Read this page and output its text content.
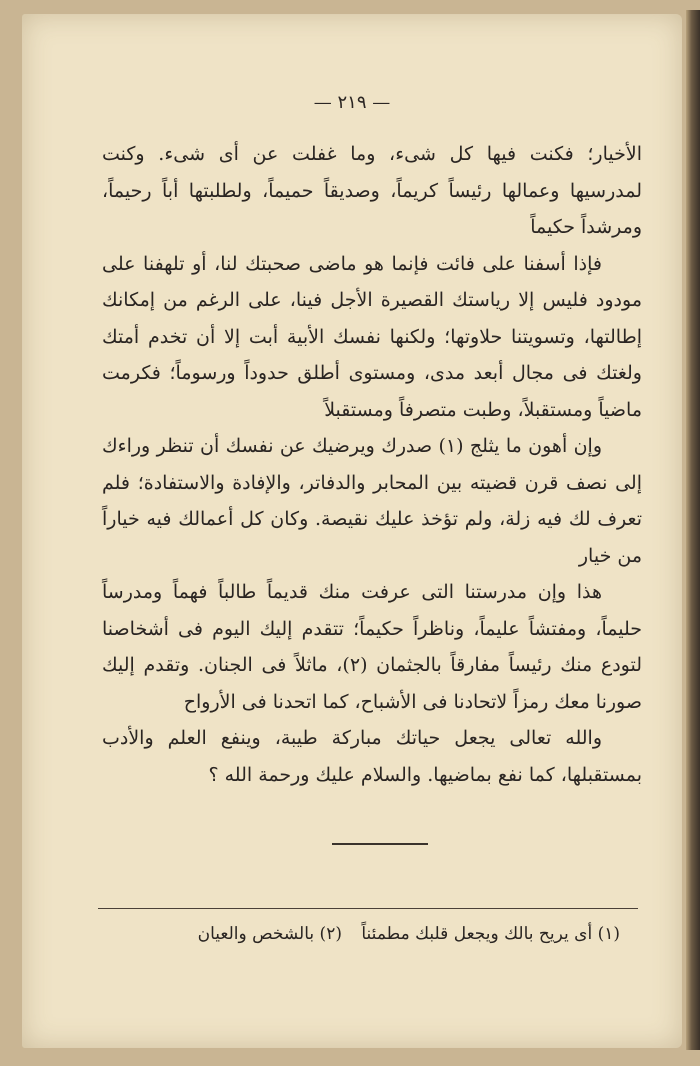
— ٢١٩ —

الأخيار؛ فكنت فيها كل شىء، وما غفلت عن أى شىء. وكنت لمدرسيها وعمالها رئيساً كريماً، وصديقاً حميماً، ولطلبتها أباً رحيماً، ومرشداً حكيماً

فإذا أسفنا على فائت فإنما هو ماضى صحبتك لنا، أو تلهفنا على مودود فليس إلا رياستك القصيرة الأجل فينا، على الرغم من إمكانك إطالتها، وتسويتنا حلاوتها؛ ولكنها نفسك الأبية أبت إلا أن تخدم أمتك ولغتك فى مجال أبعد مدى، ومستوى أطلق حدوداً ورسوماً؛ فكرمت ماضياً ومستقبلاً، وطبت متصرفاً ومستقبلاً

وإن أهون ما يثلج (١) صدرك ويرضيك عن نفسك أن تنظر وراءك إلى نصف قرن قضيته بين المحابر والدفاتر، والإفادة والاستفادة؛ فلم تعرف لك فيه زلة، ولم تؤخذ عليك نقيصة. وكان كل أعمالك فيه خياراً من خيار

هذا وإن مدرستنا التى عرفت منك قديماً طالباً فهماً ومدرساً حليماً، ومفتشاً عليماً، وناظراً حكيماً؛ تتقدم إليك اليوم فى أشخاصنا لتودع منك رئيساً مفارقاً بالجثمان (٢)، ماثلاً فى الجنان. وتقدم إليك صورنا معك رمزاً لاتحادنا فى الأشباح، كما اتحدنا فى الأرواح

والله تعالى يجعل حياتك مباركة طيبة، وينفع العلم والأدب بمستقبلها، كما نفع بماضيها. والسلام عليك ورحمة الله ؟

(١) أى يريح بالك ويجعل قلبك مطمئناً (٢) بالشخص والعيان
